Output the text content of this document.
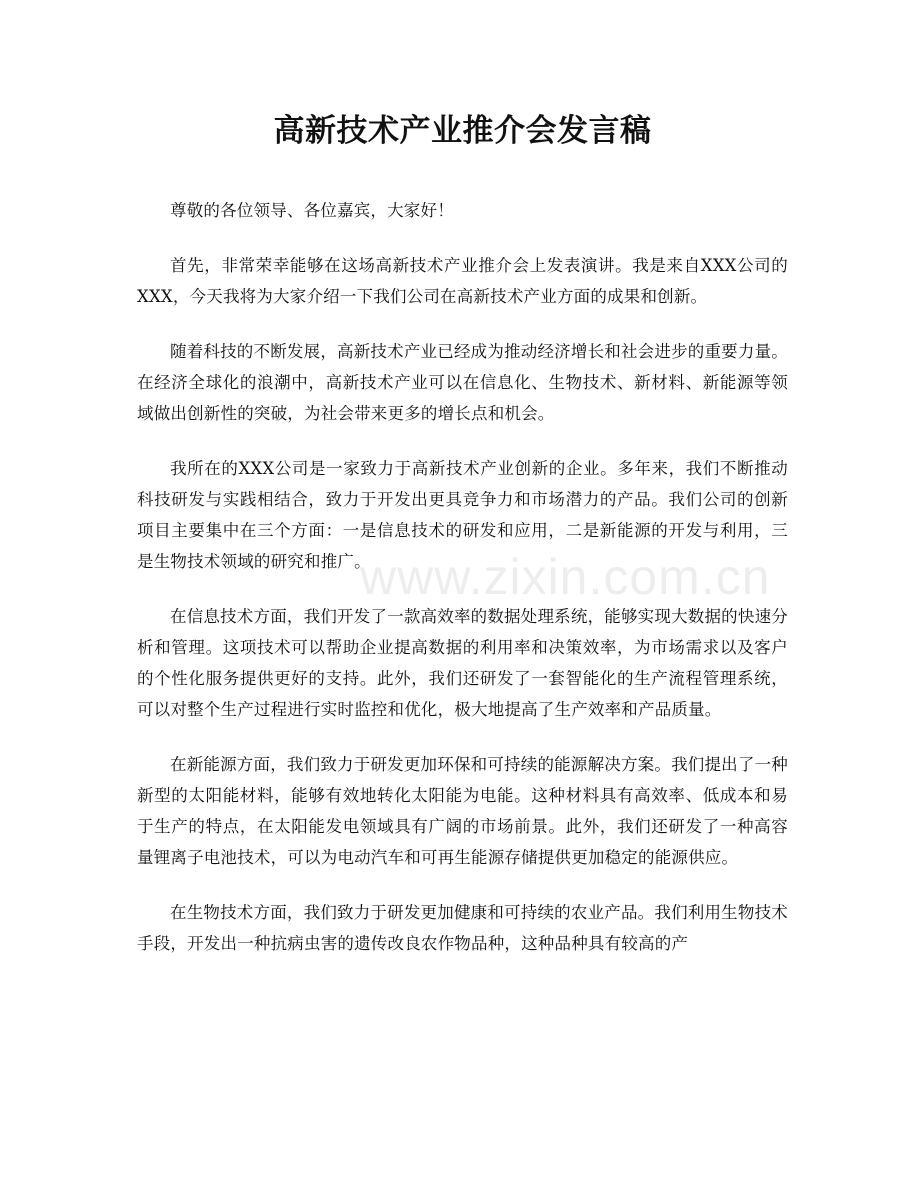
高新技术产业推介会发言稿

尊敬的各位领导、各位嘉宾，大家好！

首先，非常荣幸能够在这场高新技术产业推介会上发表演讲。我是来自XXX公司的XXX，今天我将为大家介绍一下我们公司在高新技术产业方面的成果和创新。

随着科技的不断发展，高新技术产业已经成为推动经济增长和社会进步的重要力量。在经济全球化的浪潮中，高新技术产业可以在信息化、生物技术、新材料、新能源等领域做出创新性的突破，为社会带来更多的增长点和机会。

我所在的XXX公司是一家致力于高新技术产业创新的企业。多年来，我们不断推动科技研发与实践相结合，致力于开发出更具竞争力和市场潜力的产品。我们公司的创新项目主要集中在三个方面：一是信息技术的研发和应用，二是新能源的开发与利用，三是生物技术领域的研究和推广。

在信息技术方面，我们开发了一款高效率的数据处理系统，能够实现大数据的快速分析和管理。这项技术可以帮助企业提高数据的利用率和决策效率，为市场需求以及客户的个性化服务提供更好的支持。此外，我们还研发了一套智能化的生产流程管理系统，可以对整个生产过程进行实时监控和优化，极大地提高了生产效率和产品质量。

在新能源方面，我们致力于研发更加环保和可持续的能源解决方案。我们提出了一种新型的太阳能材料，能够有效地转化太阳能为电能。这种材料具有高效率、低成本和易于生产的特点，在太阳能发电领域具有广阔的市场前景。此外，我们还研发了一种高容量锂离子电池技术，可以为电动汽车和可再生能源存储提供更加稳定的能源供应。

在生物技术方面，我们致力于研发更加健康和可持续的农业产品。我们利用生物技术手段，开发出一种抗病虫害的遗传改良农作物品种，这种品种具有较高的产

www.zixin.com.cn
